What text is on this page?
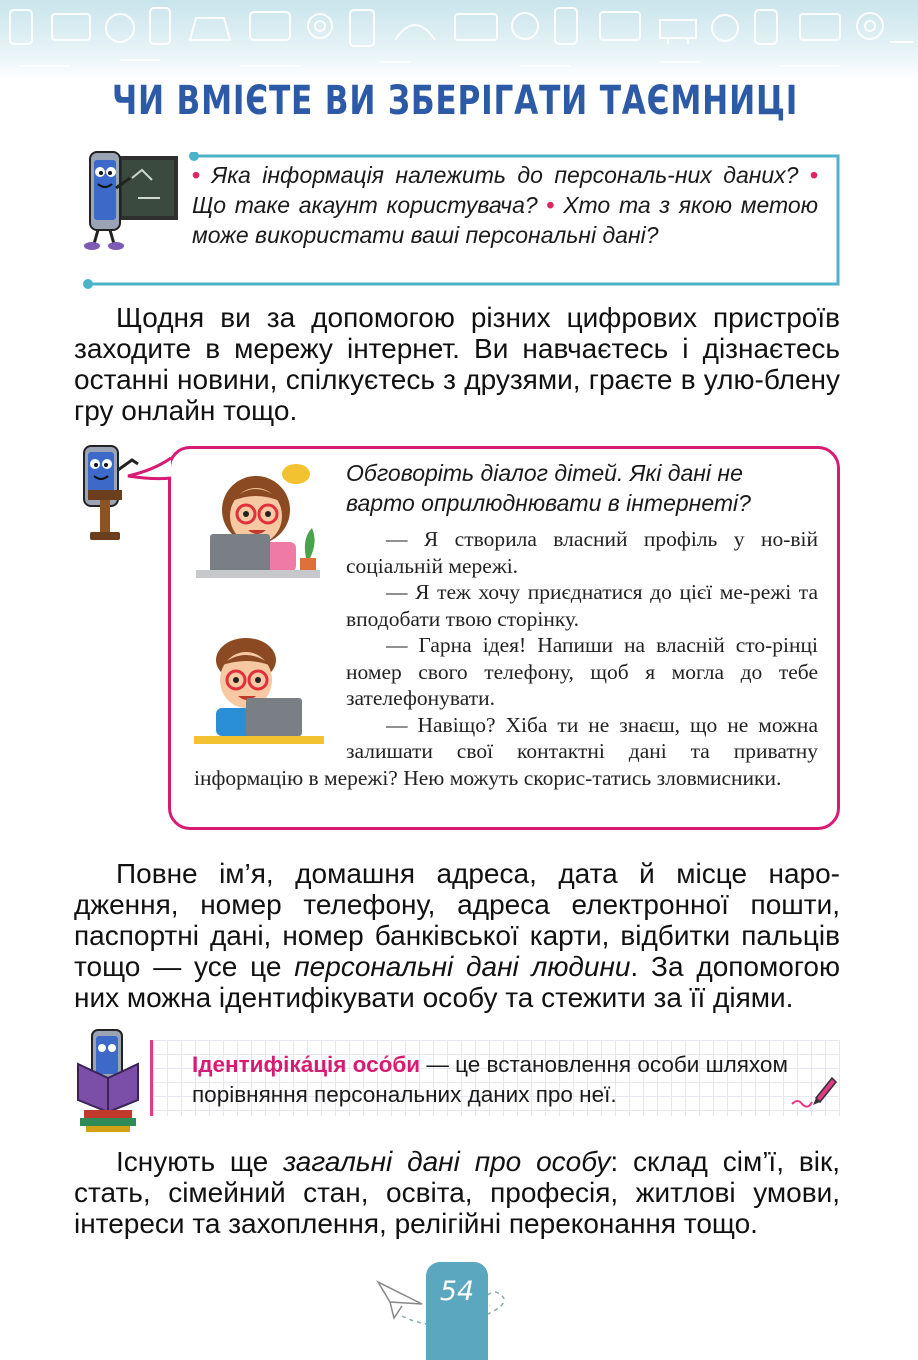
ЧИ ВМІЄТЕ ВИ ЗБЕРІГАТИ ТАЄМНИЦІ
• Яка інформація належить до персональ-них даних? • Що таке акаунт користувача? • Хто та з якою метою може використати ваші персональні дані?
Щодня ви за допомогою різних цифрових пристроїв заходите в мережу інтернет. Ви навчаєтесь і дізнаєтесь останні новини, спілкуєтесь з друзями, граєте в улю-блену гру онлайн тощо.
Обговоріть діалог дітей. Які дані не варто оприлюднювати в інтернеті?

— Я створила власний профіль у но-вій соціальній мережі.

— Я теж хочу приєднатися до цієї ме-режі та вподобати твою сторінку.

— Гарна ідея! Напиши на власній сто-рінці номер свого телефону, щоб я могла до тебе зателефонувати.

— Навіщо? Хіба ти не знаєш, що не можна залишати свої контактні дані та приватну інформацію в мережі? Нею можуть скорис-татись зловмисники.

Повне ім’я, домашня адреса, дата й місце наро-дження, номер телефону, адреса електронної пошти, паспортні дані, номер банківської карти, відбитки пальців тощо — усе це персональні дані людини. За допомогою них можна ідентифікувати особу та стежити за її діями.
Ідентифіка́ція осо́би — це встановлення особи шляхом порівняння персональних даних про неї.
Існують ще загальні дані про особу: склад сім’ї, вік, стать, сімейний стан, освіта, професія, житлові умови, інтереси та захоплення, релігійні переконання тощо.
54
